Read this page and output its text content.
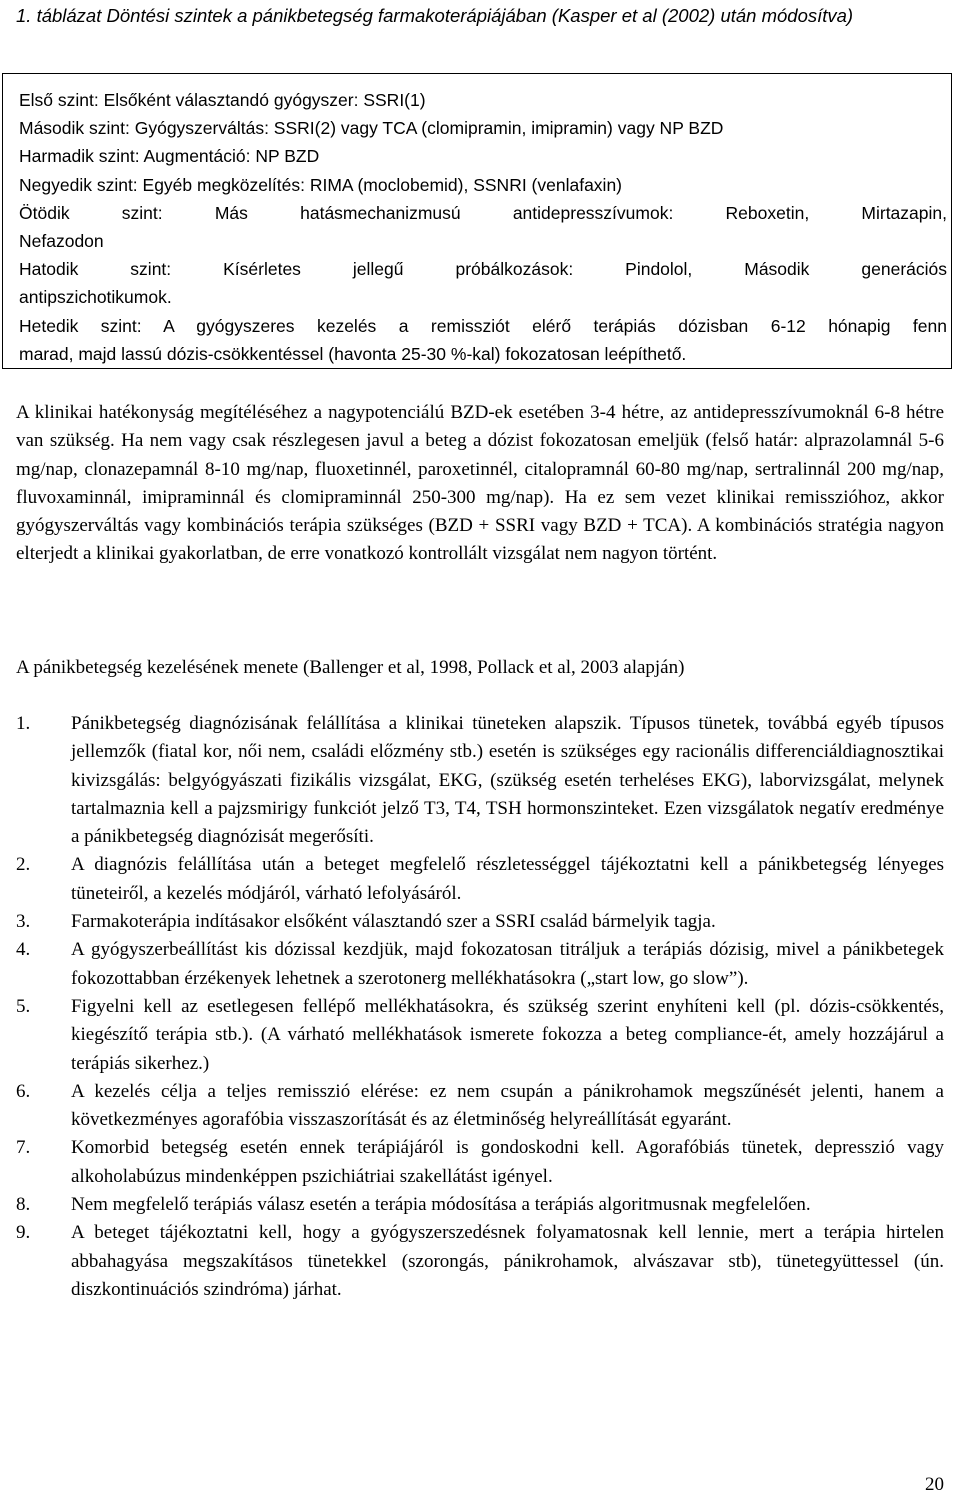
1. táblázat Döntési szintek a pánikbetegség farmakoterápiájában (Kasper et al (2002) után módosítva)

Első szint: Elsőként választandó gyógyszer: SSRI(1)
Második szint: Gyógyszerváltás: SSRI(2) vagy TCA (clomipramin, imipramin) vagy NP BZD
Harmadik szint: Augmentáció: NP BZD
Negyedik szint: Egyéb megközelítés: RIMA (moclobemid), SSNRI (venlafaxin)
Ötödik szint: Más hatásmechanizmusú antidepresszívumok: Reboxetin, Mirtazapin,
Nefazodon
Hatodik szint: Kísérletes jellegű próbálkozások: Pindolol, Második generációs
antipszichotikumok.
Hetedik szint: A gyógyszeres kezelés a remissziót elérő terápiás dózisban 6-12 hónapig fenn
marad, majd lassú dózis-csökkentéssel (havonta 25-30 %-kal) fokozatosan leépíthető.

A klinikai hatékonyság megítéléséhez a nagypotenciálú BZD-ek esetében 3-4 hétre, az antidepresszívumoknál 6-8 hétre van szükség. Ha nem vagy csak részlegesen javul a beteg a dózist fokozatosan emeljük (felső határ: alprazolamnál 5-6 mg/nap, clonazepamnál 8-10 mg/nap, fluoxetinnél, paroxetinnél, citalopramnál 60-80 mg/nap, sertralinnál 200 mg/nap, fluvoxaminnál, imipraminnál és clomipraminnál 250-300 mg/nap). Ha ez sem vezet klinikai remisszióhoz, akkor gyógyszerváltás vagy kombinációs terápia szükséges (BZD + SSRI vagy BZD + TCA). A kombinációs stratégia nagyon elterjedt a klinikai gyakorlatban, de erre vonatkozó kontrollált vizsgálat nem nagyon történt.

A pánikbetegség kezelésének menete (Ballenger et al, 1998, Pollack et al, 2003 alapján)

1. Pánikbetegség diagnózisának felállítása a klinikai tüneteken alapszik. Típusos tünetek, továbbá egyéb típusos jellemzők (fiatal kor, női nem, családi előzmény stb.) esetén is szükséges egy racionális differenciáldiagnosztikai kivizsgálás: belgyógyászati fizikális vizsgálat, EKG, (szükség esetén terheléses EKG), laborvizsgálat, melynek tartalmaznia kell a pajzsmirigy funkciót jelző T3, T4, TSH hormonszinteket. Ezen vizsgálatok negatív eredménye a pánikbetegség diagnózisát megerősíti.
2. A diagnózis felállítása után a beteget megfelelő részletességgel tájékoztatni kell a pánikbetegség lényeges tüneteiről, a kezelés módjáról, várható lefolyásáról.
3. Farmakoterápia indításakor elsőként választandó szer a SSRI család bármelyik tagja.
4. A gyógyszerbeállítást kis dózissal kezdjük, majd fokozatosan titráljuk a terápiás dózisig, mivel a pánikbetegek fokozottabban érzékenyek lehetnek a szerotonerg mellékhatásokra („start low, go slow”).
5. Figyelni kell az esetlegesen fellépő mellékhatásokra, és szükség szerint enyhíteni kell (pl. dózis-csökkentés, kiegészítő terápia stb.). (A várható mellékhatások ismerete fokozza a beteg compliance-ét, amely hozzájárul a terápiás sikerhez.)
6. A kezelés célja a teljes remisszió elérése: ez nem csupán a pánikrohamok megszűnését jelenti, hanem a következményes agorafóbia visszaszorítását és az életminőség helyreállítását egyaránt.
7. Komorbid betegség esetén ennek terápiájáról is gondoskodni kell. Agorafóbiás tünetek, depresszió vagy alkoholabúzus mindenképpen pszichiátriai szakellátást igényel.
8. Nem megfelelő terápiás válasz esetén a terápia módosítása a terápiás algoritmusnak megfelelően.
9. A beteget tájékoztatni kell, hogy a gyógyszerszedésnek folyamatosnak kell lennie, mert a terápia hirtelen abbahagyása megszakításos tünetekkel (szorongás, pánikrohamok, alvászavar stb), tünetegyüttessel (ún. diszkontinuációs szindróma) járhat.
20
